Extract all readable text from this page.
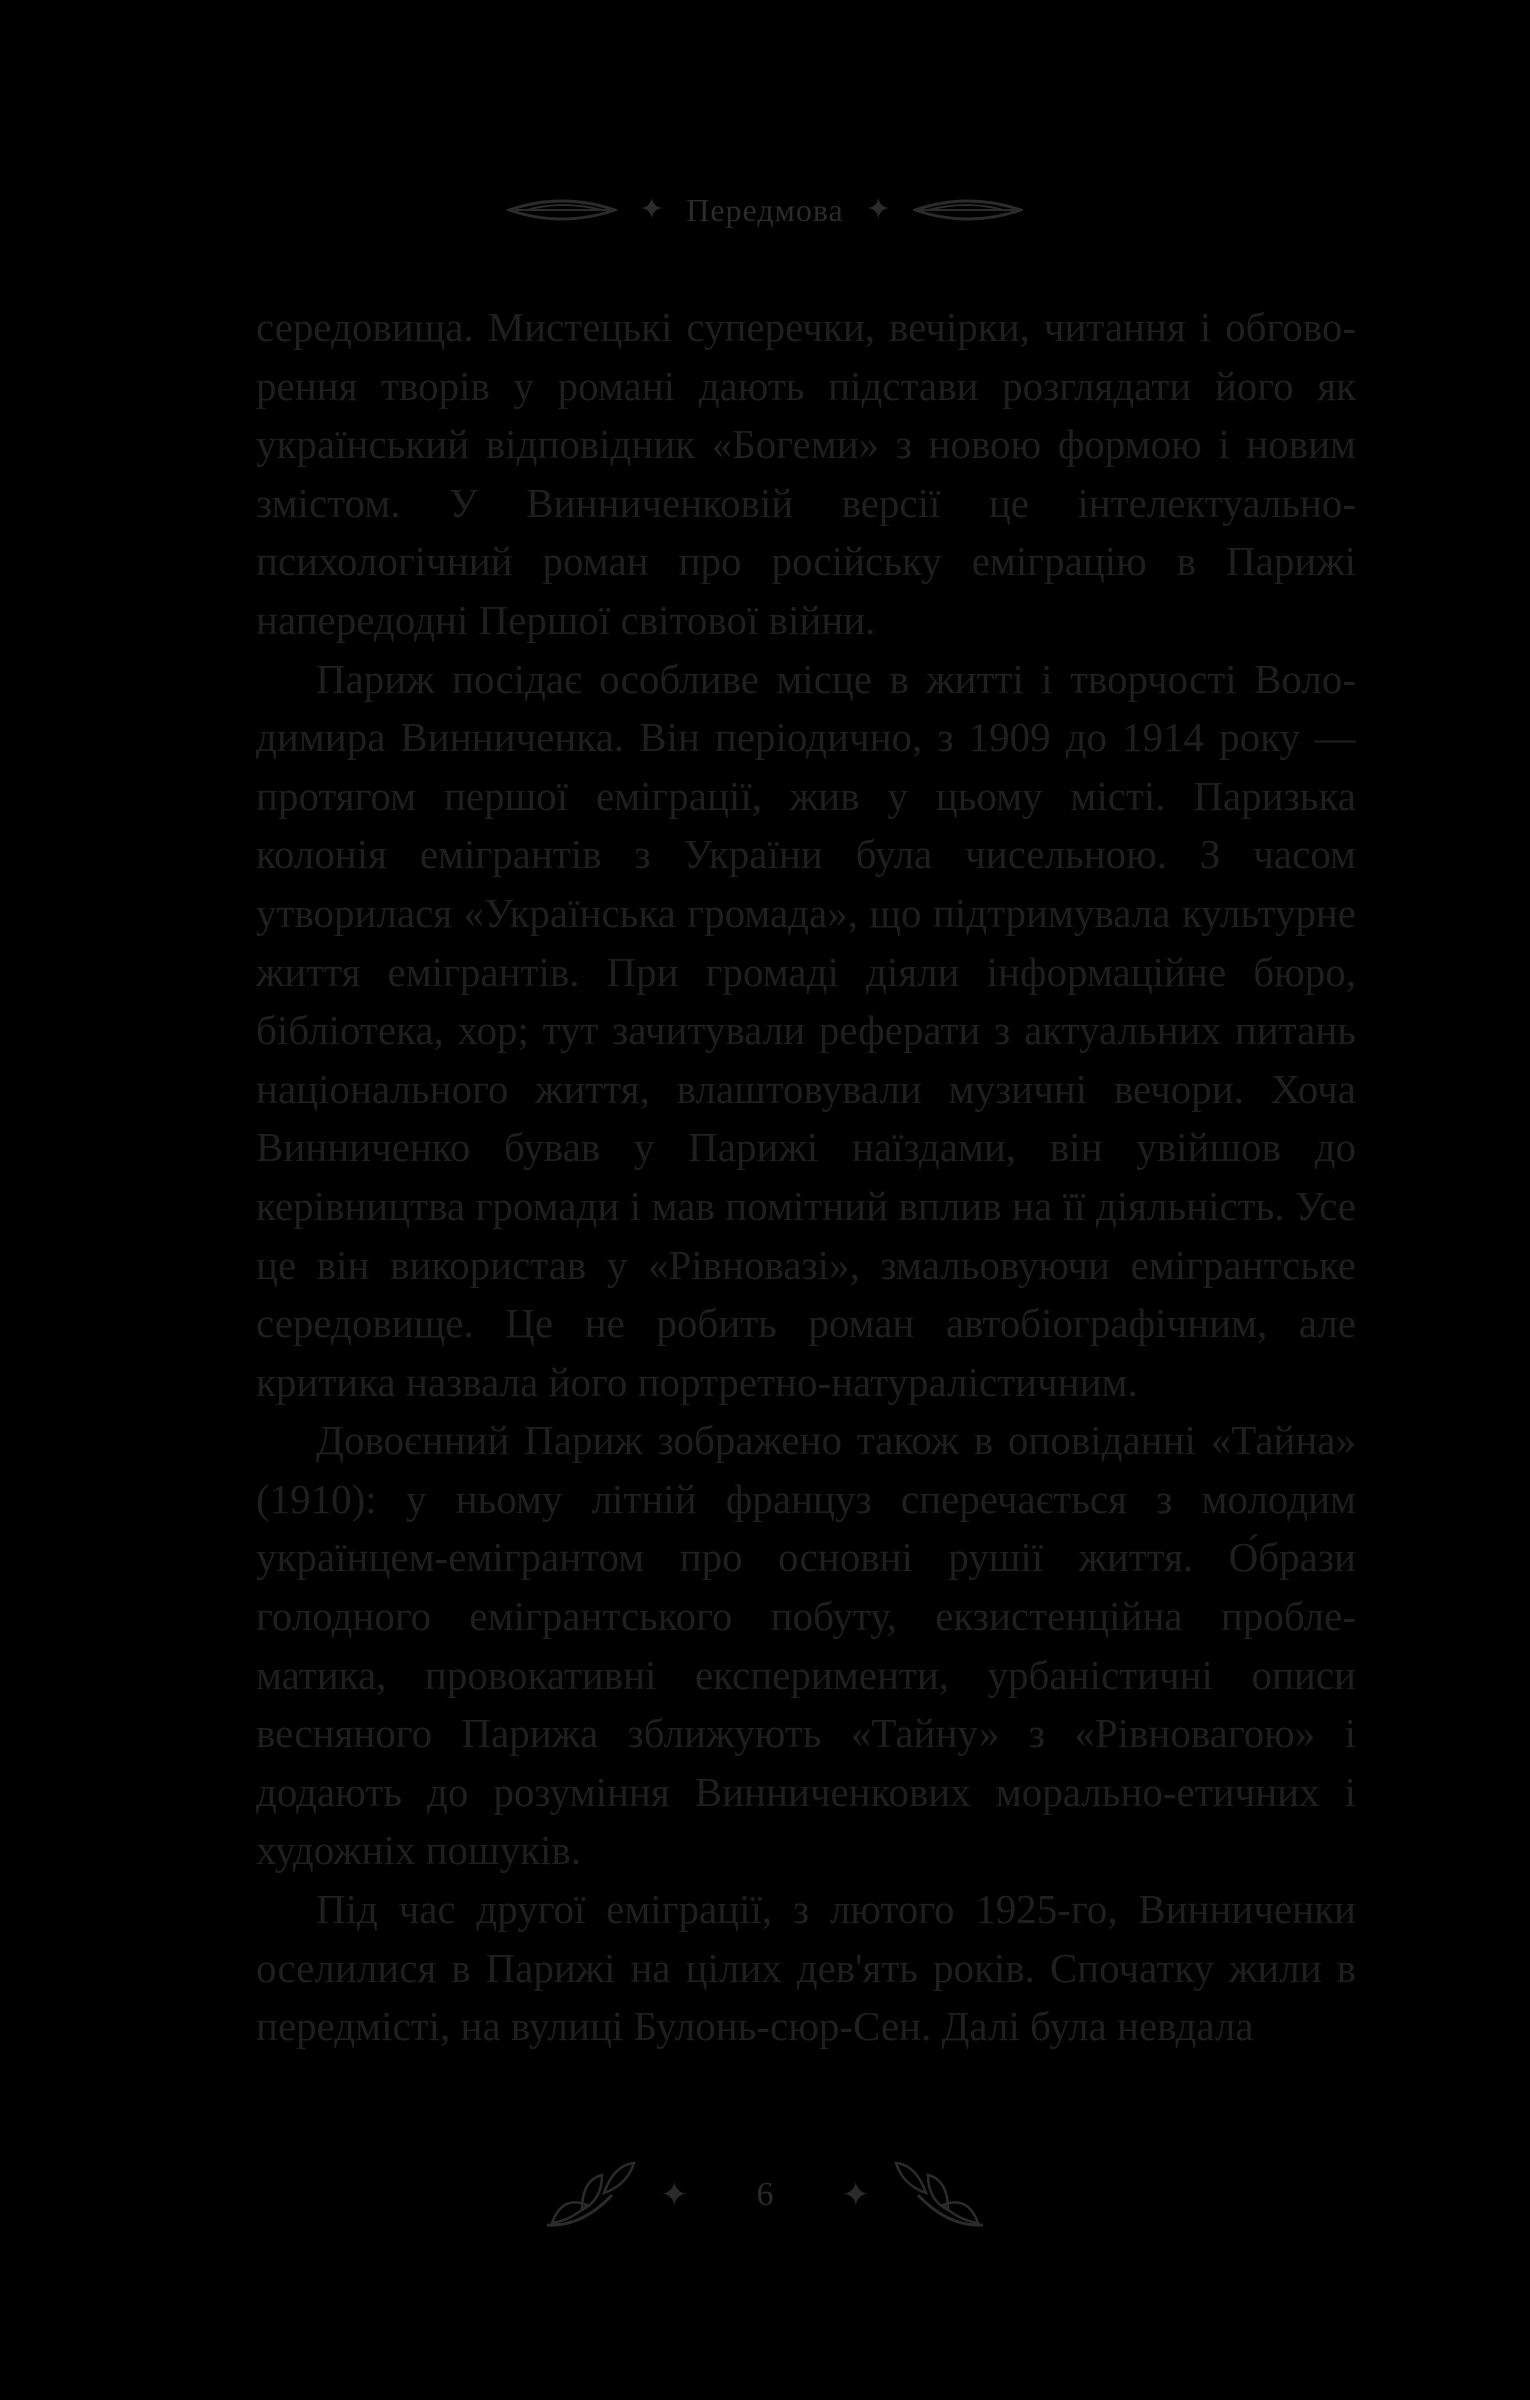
✦ Передмова ✦

середовища. Мистецькі суперечки, вечірки, читання і обговорення творів у романі дають підстави розглядати його як український відповідник «Богеми» з новою формою і новим змістом. У Винниченковій версії це інтелектуально-психологічний роман про російську еміграцію в Парижі напередодні Першої світової війни.

Париж посідає особливе місце в житті і творчості Володимира Винниченка. Він періодично, з 1909 до 1914 року — протягом першої еміграції, жив у цьому місті. Паризька колонія емігрантів з України була чисельною. З часом утворилася «Українська громада», що підтримувала культурне життя емігрантів. При громаді діяли інформаційне бюро, бібліотека, хор; тут зачитували реферати з актуальних питань національного життя, влаштовували музичні вечори. Хоча Винниченко бував у Парижі наїздами, він увійшов до керівництва громади і мав помітний вплив на її діяльність. Усе це він використав у «Рівновазі», змальовуючи емігрантське середовище. Це не робить роман автобіографічним, але критика назвала його портретно-натуралістичним.

Довоєнний Париж зображено також в оповіданні «Тайна» (1910): у ньому літній француз сперечається з молодим українцем-емігрантом про основні рушії життя. О́брази голодного емігрантського побуту, екзистенційна проблематика, провокативні експерименти, урбаністичні описи весняного Парижа зближують «Тайну» з «Рівновагою» і додають до розуміння Винниченкових морально-етичних і художніх пошуків.

Під час другої еміграції, з лютого 1925-го, Винниченки оселилися в Парижі на цілих дев'ять років. Спочатку жили в передмісті, на вулиці Булонь-сюр-Сен. Далі була невдала

✦ 6 ✦
